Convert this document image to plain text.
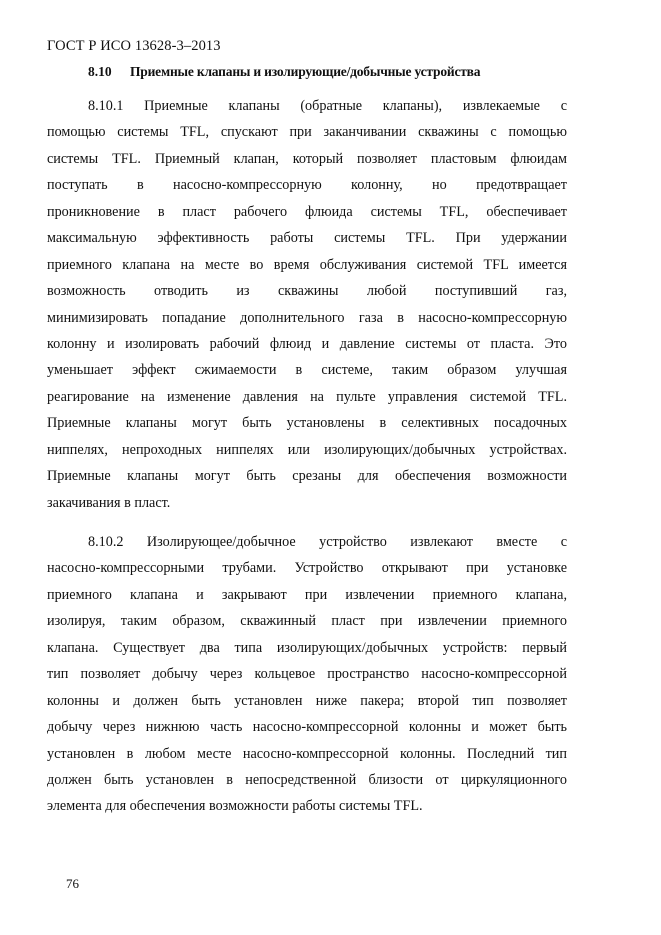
ГОСТ Р ИСО 13628-3–2013
8.10 Приемные клапаны и изолирующие/добычные устройства
8.10.1 Приемные клапаны (обратные клапаны), извлекаемые с
помощью системы TFL, спускают при заканчивании скважины с помощью
системы TFL. Приемный клапан, который позволяет пластовым флюидам
поступать в насосно-компрессорную колонну, но предотвращает
проникновение в пласт рабочего флюида системы TFL, обеспечивает
максимальную эффективность работы системы TFL. При удержании
приемного клапана на месте во время обслуживания системой TFL имеется
возможность отводить из скважины любой поступивший газ,
минимизировать попадание дополнительного газа в насосно-компрессорную
колонну и изолировать рабочий флюид и давление системы от пласта. Это
уменьшает эффект сжимаемости в системе, таким образом улучшая
реагирование на изменение давления на пульте управления системой TFL.
Приемные клапаны могут быть установлены в селективных посадочных
ниппелях, непроходных ниппелях или изолирующих/добычных устройствах.
Приемные клапаны могут быть срезаны для обеспечения возможности
закачивания в пласт.
8.10.2 Изолирующее/добычное устройство извлекают вместе с
насосно-компрессорными трубами. Устройство открывают при установке
приемного клапана и закрывают при извлечении приемного клапана,
изолируя, таким образом, скважинный пласт при извлечении приемного
клапана. Существует два типа изолирующих/добычных устройств: первый
тип позволяет добычу через кольцевое пространство насосно-компрессорной
колонны и должен быть установлен ниже пакера; второй тип позволяет
добычу через нижнюю часть насосно-компрессорной колонны и может быть
установлен в любом месте насосно-компрессорной колонны. Последний тип
должен быть установлен в непосредственной близости от циркуляционного
элемента для обеспечения возможности работы системы TFL.
76
